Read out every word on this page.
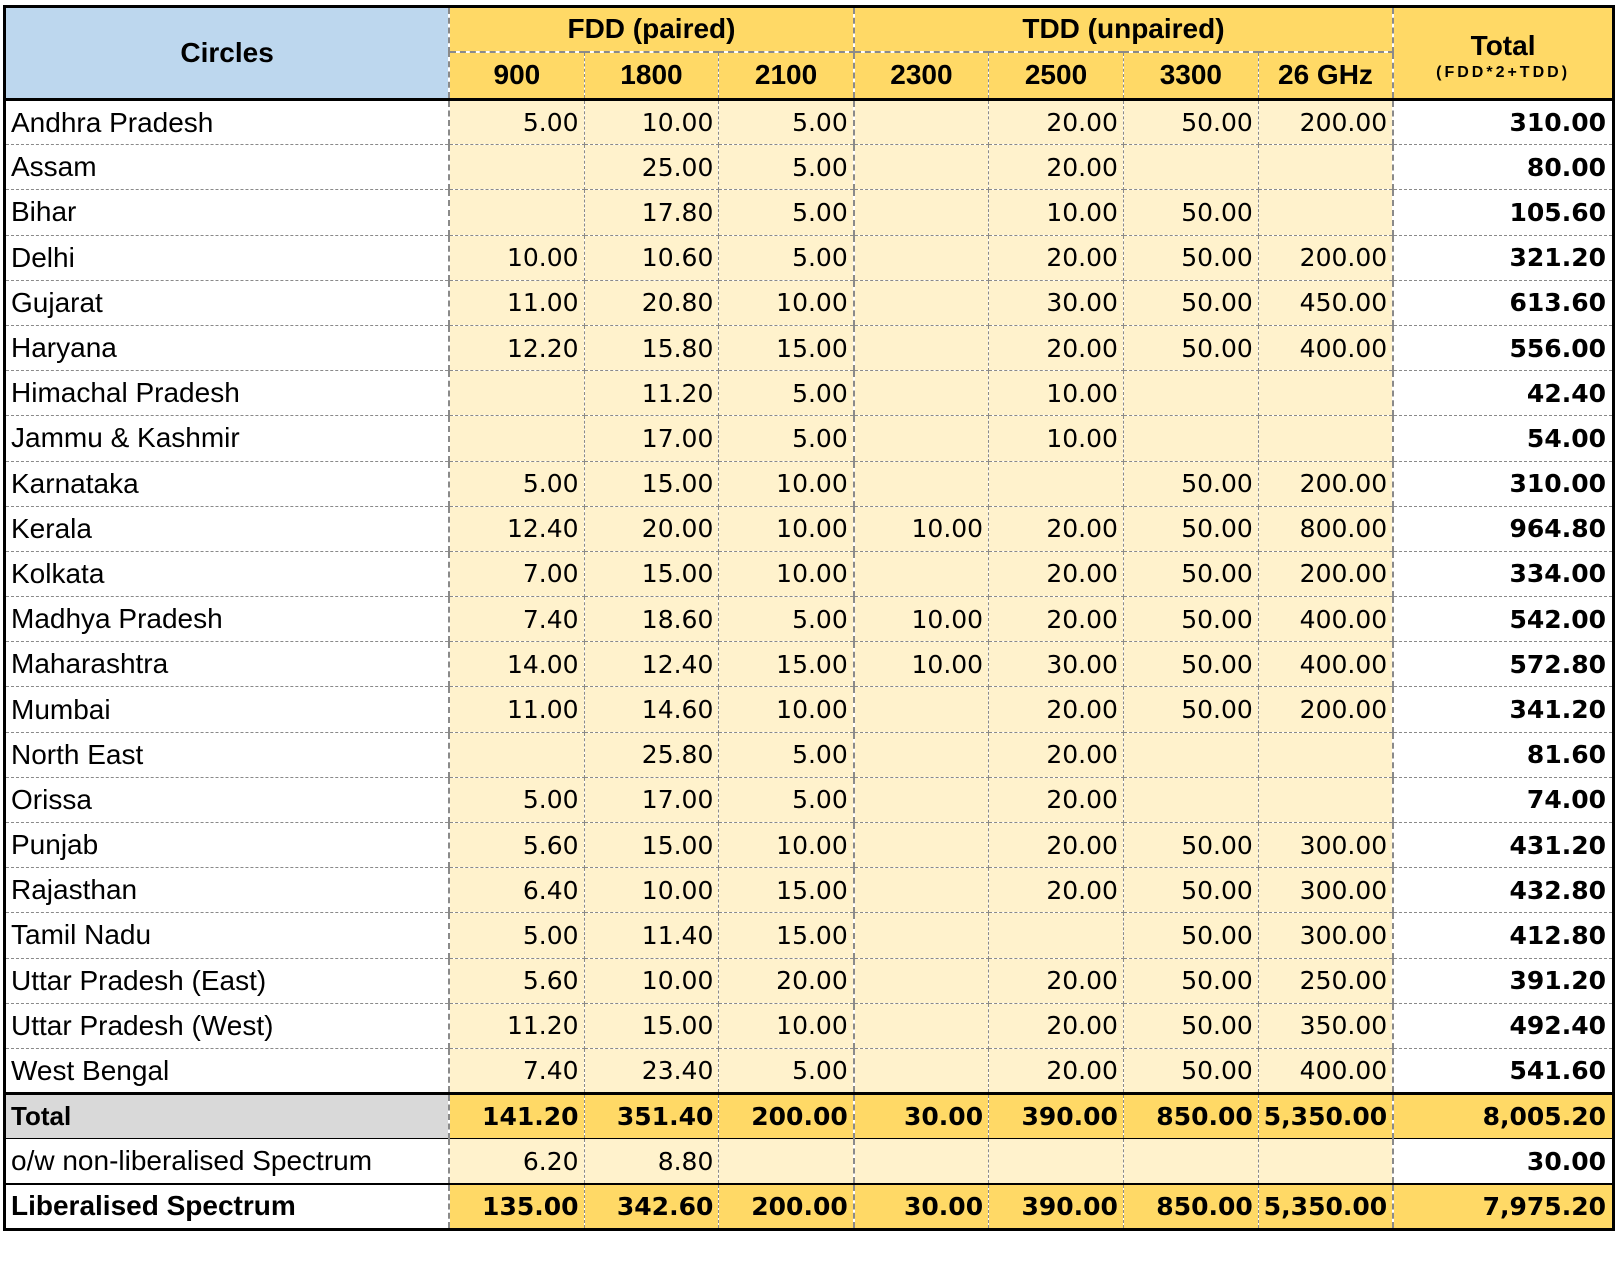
Circles	FDD (paired)			TDD (unpaired)				Total
(FDD*2+TDD)

	900	1800	2100	2300	2500	3300	26 GHz	
Andhra Pradesh	5.00	10.00	5.00		20.00	50.00	200.00	310.00
Assam		25.00	5.00		20.00			80.00
Bihar		17.80	5.00		10.00	50.00		105.60
Delhi	10.00	10.60	5.00		20.00	50.00	200.00	321.20
Gujarat	11.00	20.80	10.00		30.00	50.00	450.00	613.60
Haryana	12.20	15.80	15.00		20.00	50.00	400.00	556.00
Himachal Pradesh		11.20	5.00		10.00			42.40
Jammu & Kashmir		17.00	5.00		10.00			54.00
Karnataka	5.00	15.00	10.00			50.00	200.00	310.00
Kerala	12.40	20.00	10.00	10.00	20.00	50.00	800.00	964.80
Kolkata	7.00	15.00	10.00		20.00	50.00	200.00	334.00
Madhya Pradesh	7.40	18.60	5.00	10.00	20.00	50.00	400.00	542.00
Maharashtra	14.00	12.40	15.00	10.00	30.00	50.00	400.00	572.80
Mumbai	11.00	14.60	10.00		20.00	50.00	200.00	341.20
North East		25.80	5.00		20.00			81.60
Orissa	5.00	17.00	5.00		20.00			74.00
Punjab	5.60	15.00	10.00		20.00	50.00	300.00	431.20
Rajasthan	6.40	10.00	15.00		20.00	50.00	300.00	432.80
Tamil Nadu	5.00	11.40	15.00			50.00	300.00	412.80
Uttar Pradesh (East)	5.60	10.00	20.00		20.00	50.00	250.00	391.20
Uttar Pradesh (West)	11.20	15.00	10.00		20.00	50.00	350.00	492.40
West Bengal	7.40	23.40	5.00		20.00	50.00	400.00	541.60
Total	141.20	351.40	200.00	30.00	390.00	850.00	5,350.00	8,005.20
o/w non-liberalised Spectrum	6.20	8.80						30.00
Liberalised Spectrum	135.00	342.60	200.00	30.00	390.00	850.00	5,350.00	7,975.20
